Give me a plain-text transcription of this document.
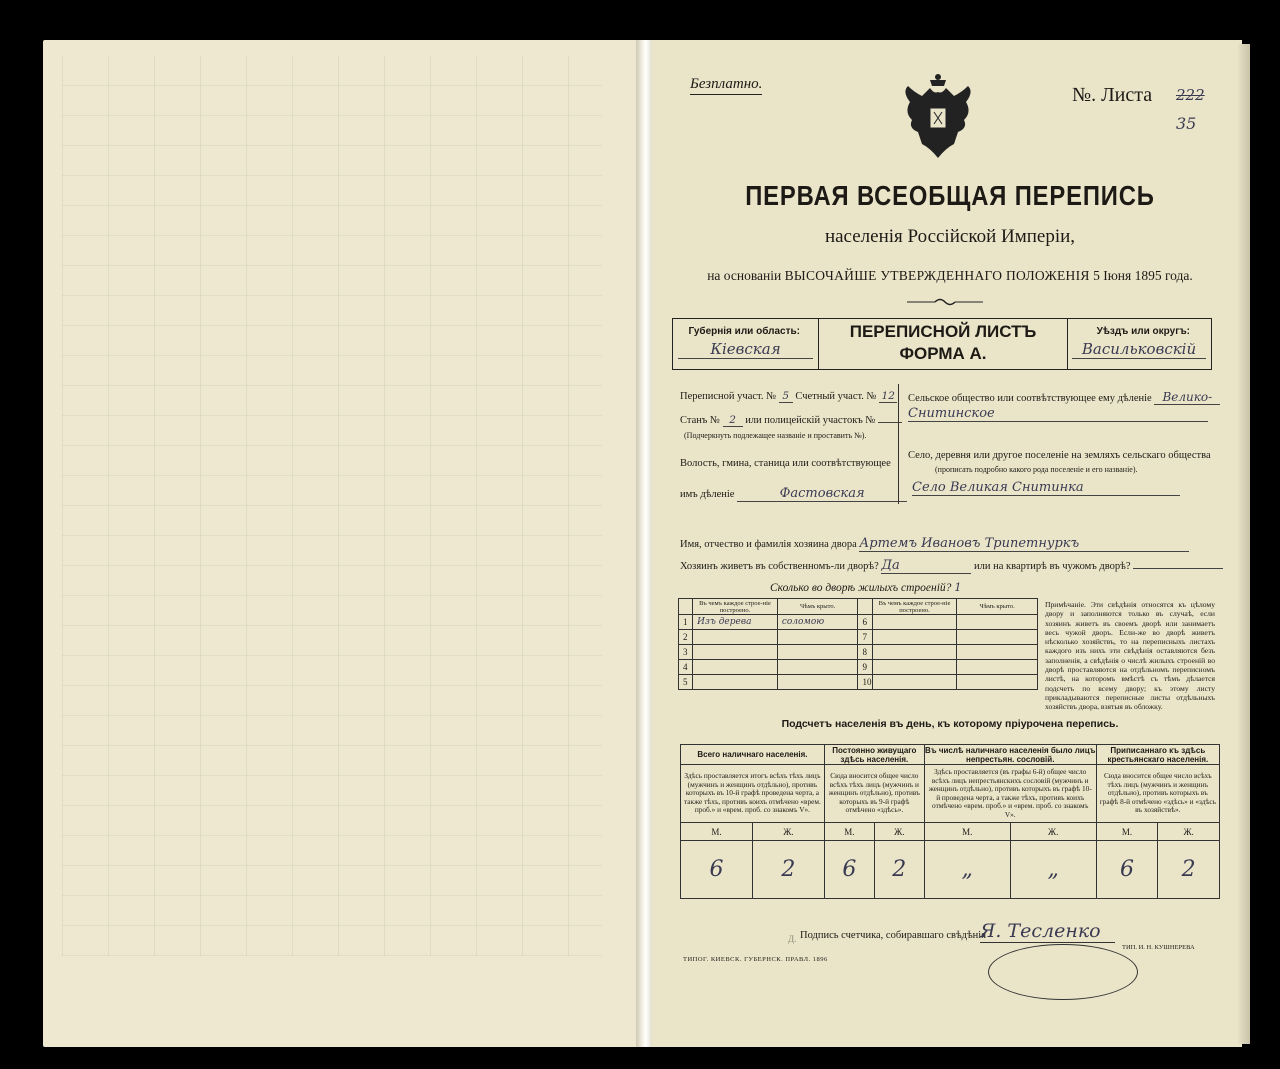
Безплатно.	№. Листа 222
35
ПЕРВАЯ ВСЕОБЩАЯ ПЕРЕПИСЬ
населенія Россійской Имперіи,
на основаніи ВЫСОЧАЙШЕ УТВЕРЖДЕННАГО ПОЛОЖЕНІЯ 5 Іюня 1895 года.
Губернія или область:
Кіевская
ПЕРЕПИСНОЙ ЛИСТЪ
ФОРМА А.
Уѣздъ или округъ:
Васильковскій
Переписной участ. № 5 Счетный участ. № 12
Станъ № 2 или полицейскій участокъ №
(Подчеркнуть подлежащее названіе и проставить №).
Волость, гмина, станица или соотвѣтствующее
имъ дѣленіе	Фастовская
Сельское общество или соотвѣтствующее ему дѣленіе Велико-
Снитинское
Село, деревня или другое поселеніе на земляхъ сельскаго общества
(прописать подробно какого рода поселеніе и его названіе).
Село Великая Снитинка
Имя, отчество и фамилія хозяина двора Артемъ Ивановъ Трипетнуркъ
Хозяинъ живетъ въ собственномъ-ли дворѣ? Да	или на квартирѣ въ чужомъ дворѣ?
Сколько во дворѣ жилыхъ строеній? 1
	Въ чемъ каждое строе-ніе построено.	Чѣмъ крыто.		Въ чемъ каждое строе-ніе построено.	Чѣмъ крыто.
1	Изъ дерева	соломою	6		
2			7		
3			8		
4			9		
5			10		
Примѣчаніе. Эти свѣдѣнія относятся къ цѣлому двору и заполняются только въ случаѣ, если хозяинъ живетъ въ своемъ дворѣ или занимаетъ весь чужой дворъ. Если-же во дворѣ живетъ нѣсколько хозяйствъ, то на переписныхъ листахъ каждого изъ нихъ эти свѣдѣнія оставляются безъ заполненія, а свѣдѣнія о числѣ жилыхъ строеній во дворѣ проставляются на отдѣльномъ переписномъ листѣ, на которомъ вмѣстѣ съ тѣмъ дѣлается подсчетъ по всему двору; къ этому листу прикладываются переписные листы отдѣльныхъ хозяйствъ двора, взятыя въ обложку.
Подсчетъ населенія въ день, къ которому пріурочена перепись.
Всего наличнаго населенія.		Постоянно живущаго здѣсь населенія.		Въ числѣ наличнаго населенія было лицъ непрестьян. сословій.		Приписаннаго къ здѣсь крестьянскаго населенія.	
Здѣсь проставляется итогъ всѣхъ тѣхъ лицъ (мужчинъ и женщинъ отдѣльно), противъ которыхъ въ 10-й графѣ проведена черта, а также тѣхъ, противъ коихъ отмѣчено «врем. проб.» и «врем. проб. со знакомъ V».		Сюда вносится общее число всѣхъ тѣхъ лицъ (мужчинъ и женщинъ отдѣльно), противъ которыхъ въ 9-й графѣ отмѣчено «здѣсь».		Здѣсь проставляется (въ графы 6-й) общее число всѣхъ лицъ непрестьянскихъ сословій (мужчинъ и женщинъ отдѣльно), противъ которыхъ въ графѣ 10-й проведена черта, а также тѣхъ, противъ коихъ отмѣчено «врем. проб.» и «врем. проб. со знакомъ V».		Сюда вносится общее число всѣхъ тѣхъ лицъ (мужчинъ и женщинъ отдѣльно), противъ которыхъ въ графѣ 8-й отмѣчено «здѣсь» и «здѣсь въ хозяйствѣ».	
М.	Ж.	М.	Ж.	М.	Ж.	М.	Ж.
6	2	6	2	„	„	6	2
Д. Подпись счетчика, собиравшаго свѣдѣнія
Я. Тесленко
ТИПОГ. КИЕВСК. ГУБЕРНСК. ПРАВЛ. 1896
ТИП. И. Н. КУШНЕРЕВА
